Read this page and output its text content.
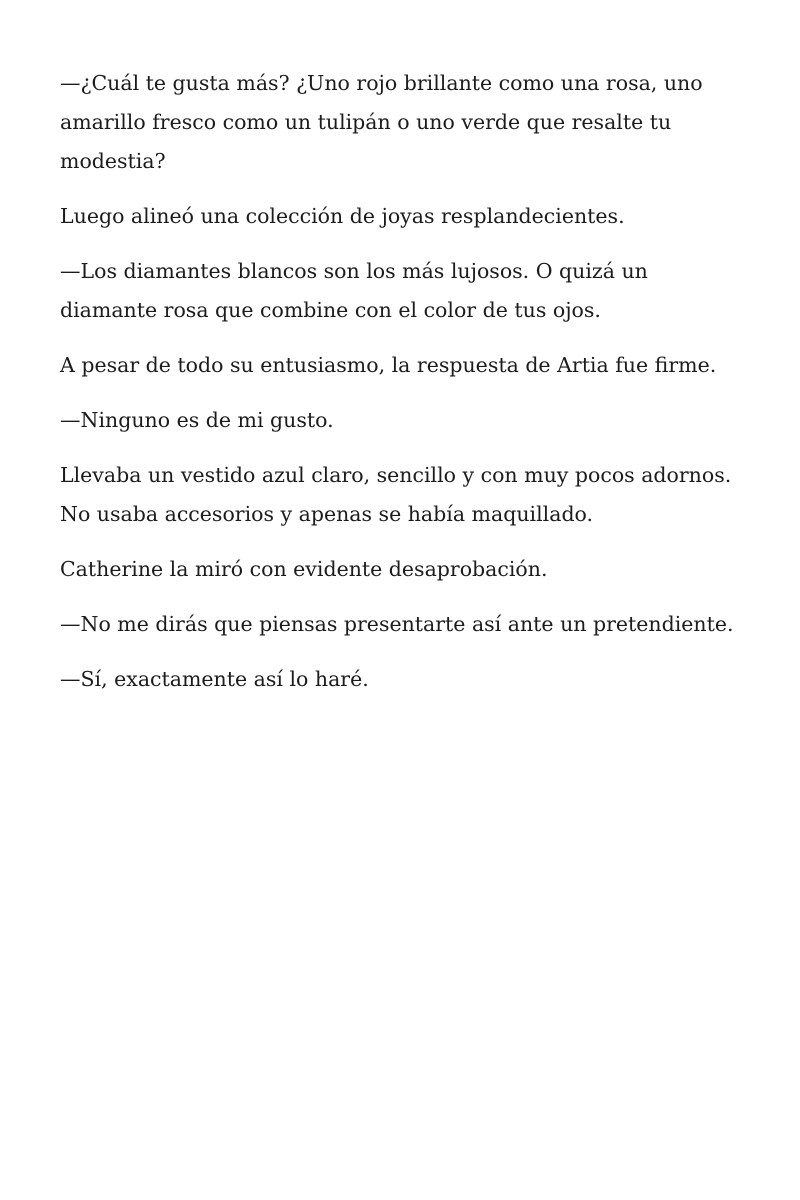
—¿Cuál te gusta más? ¿Uno rojo brillante como una rosa, uno amarillo fresco como un tulipán o uno verde que resalte tu modestia?

Luego alineó una colección de joyas resplandecientes.

—Los diamantes blancos son los más lujosos. O quizá un diamante rosa que combine con el color de tus ojos.

A pesar de todo su entusiasmo, la respuesta de Artia fue firme.

—Ninguno es de mi gusto.

Llevaba un vestido azul claro, sencillo y con muy pocos adornos. No usaba accesorios y apenas se había maquillado.

Catherine la miró con evidente desaprobación.

—No me dirás que piensas presentarte así ante un pretendiente.

—Sí, exactamente así lo haré.
